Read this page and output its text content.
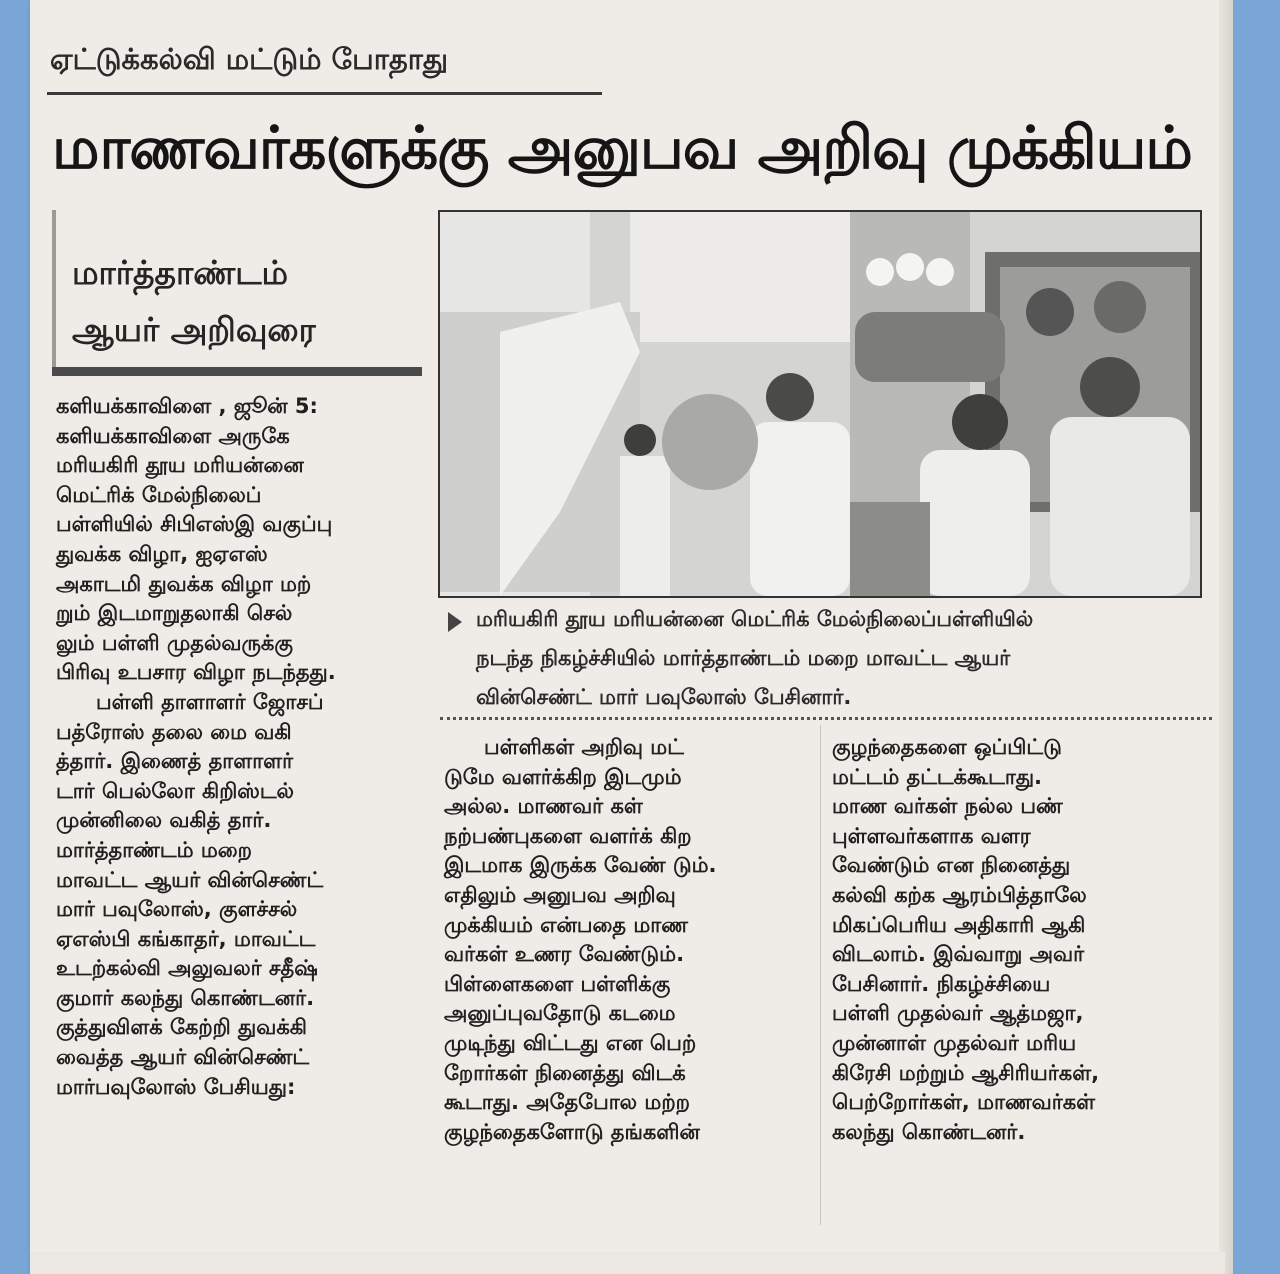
ஏட்டுக்கல்வி மட்டும் போதாது
மாணவர்களுக்கு அனுபவ அறிவு முக்கியம்
மார்த்தாண்டம்
ஆயர் அறிவுரை
மரியகிரி தூய மரியன்னை மெட்ரிக் மேல்நிலைப்பள்ளியில்
நடந்த நிகழ்ச்சியில் மார்த்தாண்டம் மறை மாவட்ட ஆயர்
வின்செண்ட் மார் பவுலோஸ் பேசினார்.

களியக்காவிளை , ஜூன் 5:

களியக்காவிளை அருகே

மரியகிரி தூய மரியன்னை

மெட்ரிக் மேல்நிலைப்

பள்ளியில் சிபிஎஸ்இ வகுப்பு

துவக்க விழா, ஐஏஎஸ்

அகாடமி துவக்க விழா மற்

றும் இடமாறுதலாகி செல்

லும் பள்ளி முதல்வருக்கு

பிரிவு உபசார விழா நடந்தது.

பள்ளி தாளாளர் ஜோசப்

பத்ரோஸ் தலை மை வகி

த்தார். இணைத் தாளாளர்

டார் பெல்லோ கிறிஸ்டல்

முன்னிலை வகித் தார்.

மார்த்தாண்டம் மறை

மாவட்ட ஆயர் வின்செண்ட்

மார் பவுலோஸ், குளச்சல்

ஏஎஸ்பி கங்காதர், மாவட்ட

உடற்கல்வி அலுவலர் சதீஷ்

குமார் கலந்து கொண்டனர்.

குத்துவிளக் கேற்றி துவக்கி

வைத்த ஆயர் வின்செண்ட்

மார்பவுலோஸ் பேசியது:

பள்ளிகள் அறிவு மட்

டுமே வளர்க்கிற இடமும்

அல்ல. மாணவர் கள்

நற்பண்புகளை வளர்க் கிற

இடமாக இருக்க வேண் டும்.

எதிலும் அனுபவ அறிவு

முக்கியம் என்பதை மாண

வர்கள் உணர வேண்டும்.

பிள்ளைகளை பள்ளிக்கு

அனுப்புவதோடு கடமை

முடிந்து விட்டது என பெற்

றோர்கள் நினைத்து விடக்

கூடாது. அதேபோல மற்ற

குழந்தைகளோடு தங்களின்

குழந்தைகளை ஒப்பிட்டு

மட்டம் தட்டக்கூடாது.

மாண வர்கள் நல்ல பண்

புள்ளவர்களாக வளர

வேண்டும் என நினைத்து

கல்வி கற்க ஆரம்பித்தாலே

மிகப்பெரிய அதிகாரி ஆகி

விடலாம். இவ்வாறு அவர்

பேசினார். நிகழ்ச்சியை

பள்ளி முதல்வர் ஆத்மஜா,

முன்னாள் முதல்வர் மரிய

கிரேசி மற்றும் ஆசிரியர்கள்,

பெற்றோர்கள், மாணவர்கள்

கலந்து கொண்டனர்.
